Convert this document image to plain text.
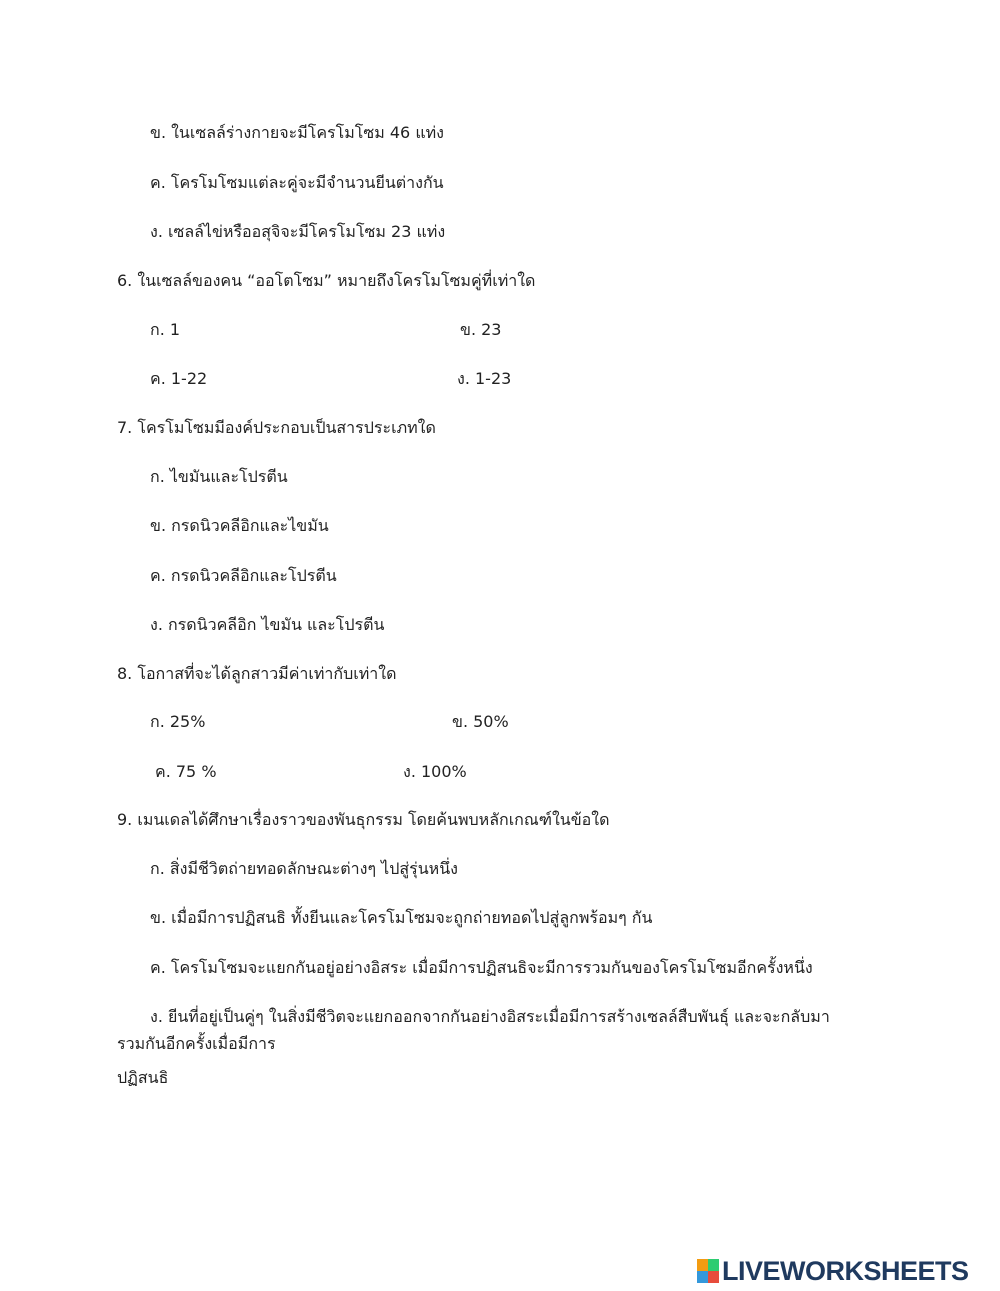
ข. ในเซลล์ร่างกายจะมีโครโมโซม 46 แท่ง
ค. โครโมโซมแต่ละคู่จะมีจำนวนยีนต่างกัน
ง. เซลล์ไข่หรืออสุจิจะมีโครโมโซม 23 แท่ง
6. ในเซลล์ของคน “ออโตโซม” หมายถึงโครโมโซมคู่ที่เท่าใด
ก. 1	ข. 23
ค. 1-22	ง. 1-23
7. โครโมโซมมีองค์ประกอบเป็นสารประเภทใด
ก. ไขมันและโปรตีน
ข. กรดนิวคลีอิกและไขมัน
ค. กรดนิวคลีอิกและโปรตีน
ง. กรดนิวคลีอิก ไขมัน และโปรตีน
8. โอกาสที่จะได้ลูกสาวมีค่าเท่ากับเท่าใด
ก. 25%	ข. 50%
ค. 75 %	ง. 100%
9. เมนเดลได้ศึกษาเรื่องราวของพันธุกรรม โดยค้นพบหลักเกณฑ์ในข้อใด
ก. สิ่งมีชีวิตถ่ายทอดลักษณะต่างๆ ไปสู่รุ่นหนึ่ง
ข. เมื่อมีการปฏิสนธิ ทั้งยีนและโครโมโซมจะถูกถ่ายทอดไปสู่ลูกพร้อมๆ กัน
ค. โครโมโซมจะแยกกันอยู่อย่างอิสระ เมื่อมีการปฏิสนธิจะมีการรวมกันของโครโมโซมอีกครั้งหนึ่ง
ง. ยีนที่อยู่เป็นคู่ๆ ในสิ่งมีชีวิตจะแยกออกจากกันอย่างอิสระเมื่อมีการสร้างเซลล์สืบพันธุ์ และจะกลับมา
รวมกันอีกครั้งเมื่อมีการ
ปฏิสนธิ
LIVEWORKSHEETS
